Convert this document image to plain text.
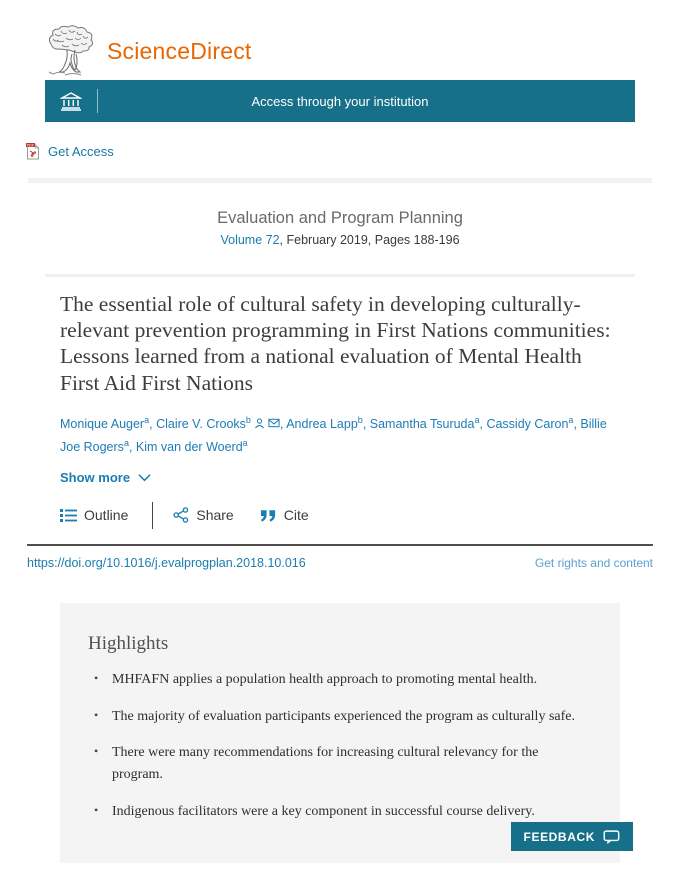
ScienceDirect
Access through your institution
PDF Get Access
Evaluation and Program Planning
Volume 72, February 2019, Pages 188-196
The essential role of cultural safety in developing culturally-relevant prevention programming in First Nations communities: Lessons learned from a national evaluation of Mental Health First Aid First Nations

Monique Auger$^a$, Claire V. Crooks$^b$ , Andrea Lapp$^b$, Samantha Tsuruda$^a$, Cassidy Caron$^a$, Billie Joe Rogers$^a$, Kim van der Woerd$^a$

Show more
Outline	Share	Cite
https://doi.org/10.1016/j.evalprogplan.2018.10.016	Get rights and content
Highlights
• MHFAFN applies a population health approach to promoting mental health.
• The majority of evaluation participants experienced the program as culturally safe.
• There were many recommendations for increasing cultural relevancy for the program.
• Indigenous facilitators were a key component in successful course delivery.
FEEDBACK
